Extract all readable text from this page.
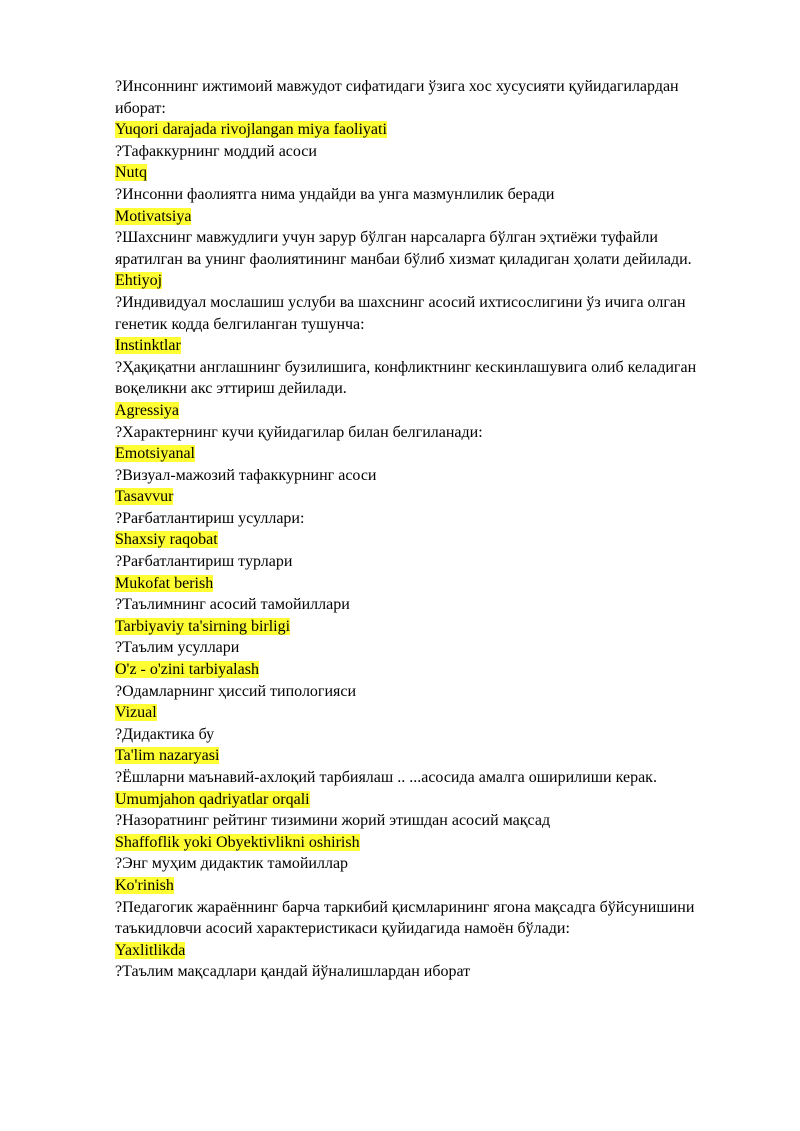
?Инсоннинг ижтимоий мавжудот сифатидаги ўзига хос хусусияти қуйидагилардан иборат:
Yuqori darajada rivojlangan miya faoliyati
?Тафаккурнинг моддий асоси
Nutq
?Инсонни фаолиятга нима ундайди ва унга мазмунлилик беради
Motivatsiya
?Шахснинг мавжудлиги учун зарур бўлган нарсаларга бўлган эҳтиёжи туфайли яратилган ва унинг фаолиятининг манбаи бўлиб хизмат қиладиган ҳолати дейилади.
Ehtiyoj
?Индивидуал мослашиш услуби ва шахснинг асосий ихтисослигини ўз ичига олган генетик кодда белгиланган тушунча:
Instinktlar
?Ҳақиқатни англашнинг бузилишига, конфликтнинг кескинлашувига олиб келадиган воқеликни акс эттириш дейилади.
Agressiya
?Характернинг кучи қуйидагилар билан белгиланади:
Emotsiyanal
?Визуал-мажозий тафаккурнинг асоси
Tasavvur
?Рағбатлантириш усуллари:
Shaxsiy raqobat
?Рағбатлантириш турлари
Mukofat berish
?Таълимнинг асосий тамойиллари
Tarbiyaviy ta'sirning birligi
?Таълим усуллари
O'z - o'zini tarbiyalash
?Одамларнинг ҳиссий типологияси
Vizual
?Дидактика бу
Ta'lim nazaryasi
?Ёшларни маънавий-ахлоқий тарбиялаш .. ...асосида амалга оширилиши керак.
Umumjahon qadriyatlar orqali
?Назоратнинг рейтинг тизимини жорий этишдан асосий мақсад
Shaffoflik yoki Obyektivlikni oshirish
?Энг муҳим дидактик тамойиллар
Ko'rinish
?Педагогик жараённинг барча таркибий қисмларининг ягона мақсадга бўйсунишини таъкидловчи асосий характеристикаси қуйидагида намоён бўлади:
Yaxlitlikda
?Таълим мақсадлари қандай йўналишлардан иборат
